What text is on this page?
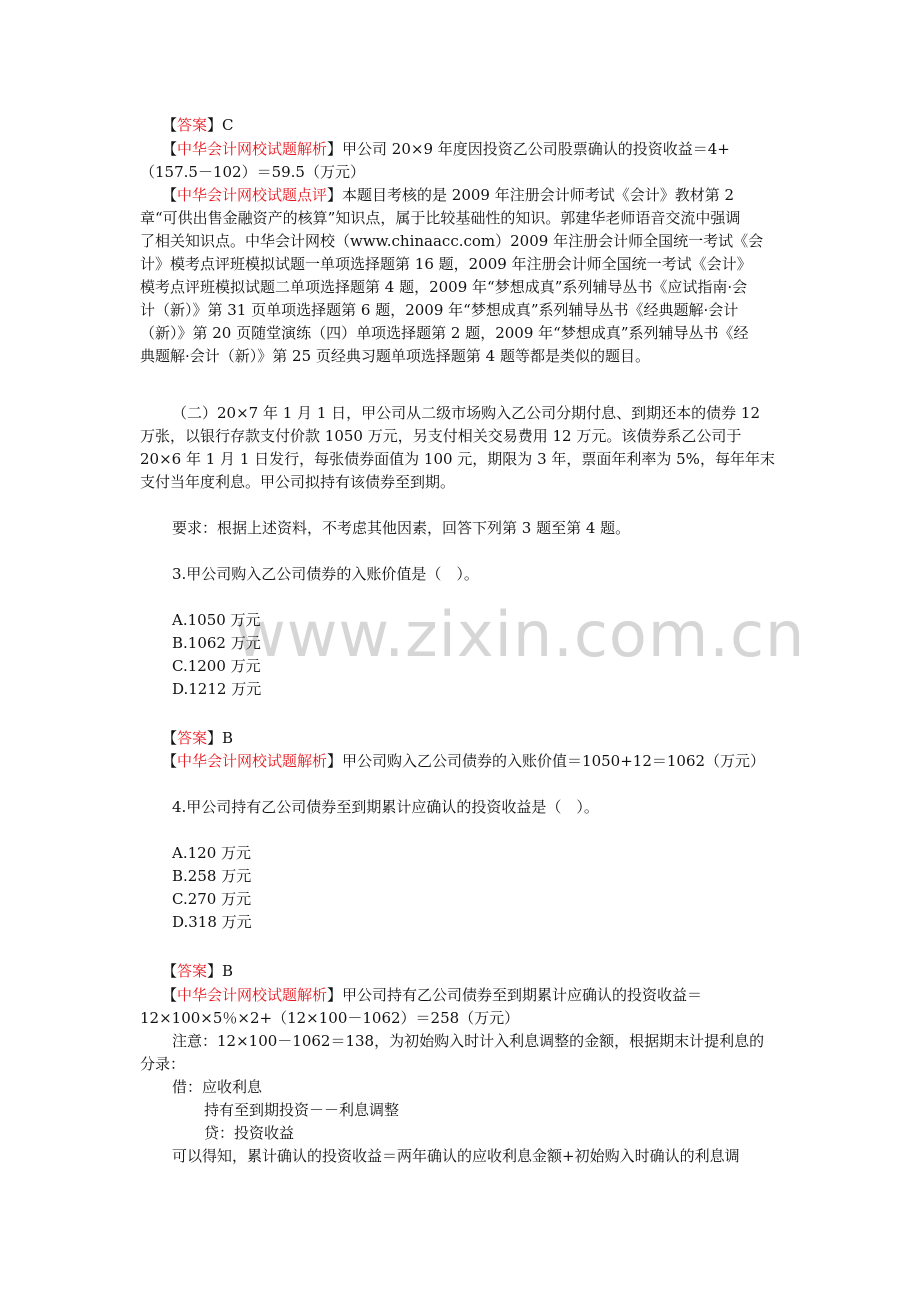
www.zixin.com.cn
【答案】C
【中华会计网校试题解析】甲公司 20×9 年度因投资乙公司股票确认的投资收益＝4+
（157.5－102）＝59.5（万元）
【中华会计网校试题点评】本题目考核的是 2009 年注册会计师考试《会计》教材第 2
章“可供出售金融资产的核算”知识点，属于比较基础性的知识。郭建华老师语音交流中强调
了相关知识点。中华会计网校（www.chinaacc.com）2009 年注册会计师全国统一考试《会
计》模考点评班模拟试题一单项选择题第 16 题，2009 年注册会计师全国统一考试《会计》
模考点评班模拟试题二单项选择题第 4 题，2009 年“梦想成真”系列辅导丛书《应试指南·会
计（新）》第 31 页单项选择题第 6 题，2009 年“梦想成真”系列辅导丛书《经典题解·会计
（新）》第 20 页随堂演练（四）单项选择题第 2 题，2009 年“梦想成真”系列辅导丛书《经
典题解·会计（新）》第 25 页经典习题单项选择题第 4 题等都是类似的题目。
（二）20×7 年 1 月 1 日，甲公司从二级市场购入乙公司分期付息、到期还本的债券 12
万张，以银行存款支付价款 1050 万元，另支付相关交易费用 12 万元。该债券系乙公司于
20×6 年 1 月 1 日发行，每张债券面值为 100 元，期限为 3 年，票面年利率为 5%，每年年末
支付当年度利息。甲公司拟持有该债券至到期。
要求：根据上述资料，不考虑其他因素，回答下列第 3 题至第 4 题。
3.甲公司购入乙公司债券的入账价值是（　）。
A.1050 万元
B.1062 万元
C.1200 万元
D.1212 万元
【答案】B
【中华会计网校试题解析】甲公司购入乙公司债券的入账价值＝1050+12＝1062（万元）
4.甲公司持有乙公司债券至到期累计应确认的投资收益是（　）。
A.120 万元
B.258 万元
C.270 万元
D.318 万元
【答案】B
【中华会计网校试题解析】甲公司持有乙公司债券至到期累计应确认的投资收益＝
12×100×5％×2+（12×100－1062）＝258（万元）
注意：12×100－1062＝138，为初始购入时计入利息调整的金额，根据期末计提利息的
分录：
借：应收利息
持有至到期投资－－利息调整
贷：投资收益
可以得知，累计确认的投资收益＝两年确认的应收利息金额+初始购入时确认的利息调
